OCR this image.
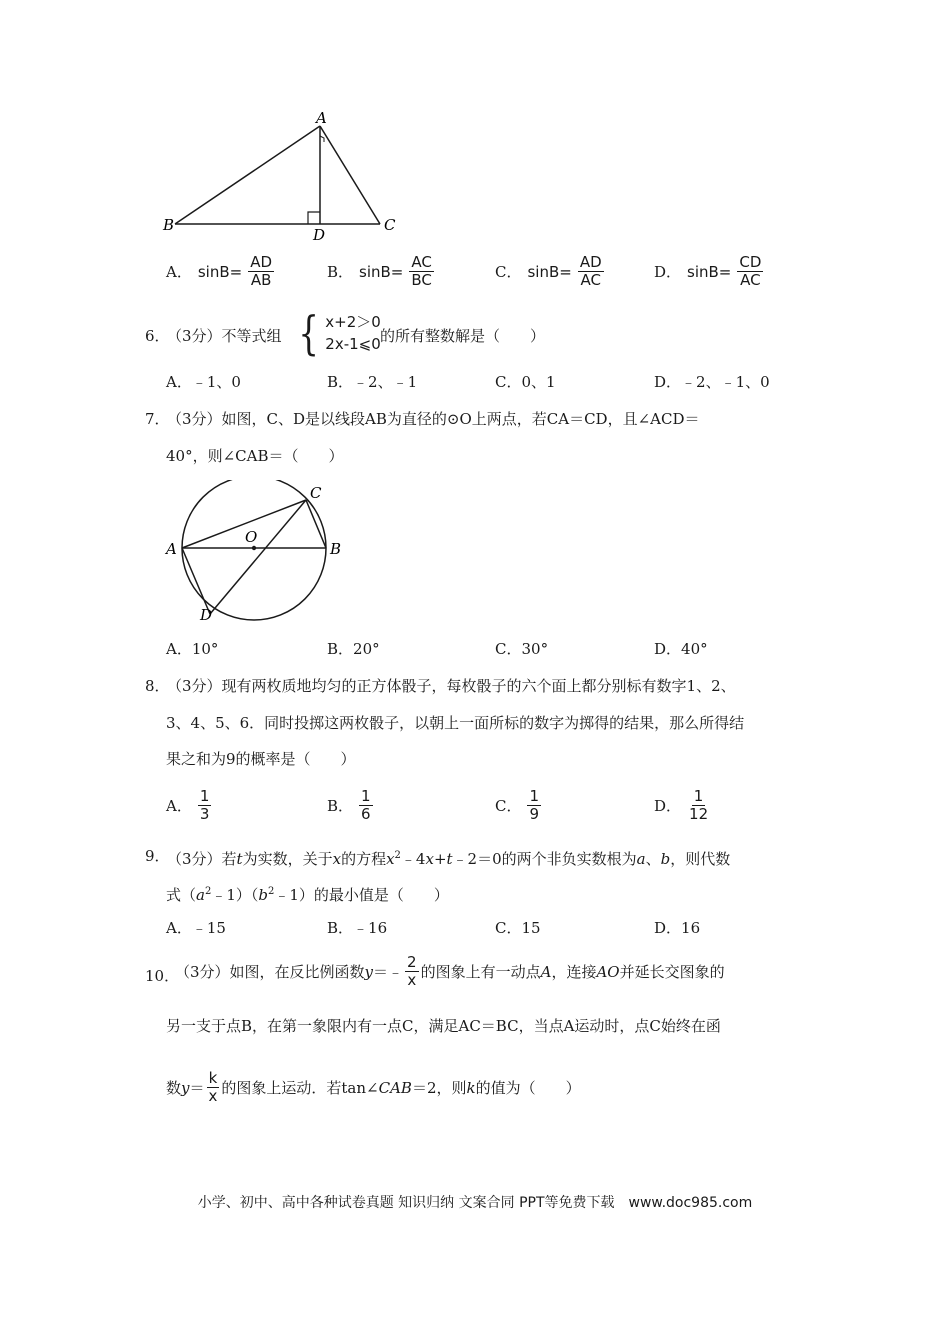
A
B	C
D
A． $\sin B= \frac{AD}{AB}$	B． $\sin B= \frac{AC}{BC}$	C． $\sin B= \frac{AD}{AC}$	D． $\sin B= \frac{CD}{AC}$
6．
（3分）不等式组 { x+2＞0
2x-1⩽0 的所有整数解是（　　）
A．﹣1、0	B．﹣2、﹣1	C．0、1	D．﹣2、﹣1、0
7．
（3分）如图，C、D是以线段AB为直径的⊙O上两点，若CA＝CD，且∠ACD＝
40°，则∠CAB＝（　　）
A	B
C
D
O
A．10°	B．20°	C．30°	D．40°
8．
（3分）现有两枚质地均匀的正方体骰子，每枚骰子的六个面上都分别标有数字1、2、
3、4、5、6．同时投掷这两枚骰子，以朝上一面所标的数字为掷得的结果，那么所得结
果之和为9的概率是（　　）
A． $\frac{1}{3}$	B． $\frac{1}{6}$	C． $\frac{1}{9}$	D． $\frac{1}{12}$
9．
（3分）若t为实数，关于x的方程$x^2﹣4x+t﹣2=0$的两个非负实数根为a、b，则代数
式$(a^2﹣1)(b^2﹣1)$的最小值是（　　）
A．﹣15	B．﹣16	C．15	D．16
10．
（3分）如图，在反比例函数 y ＝﹣ $\frac{2}{x}$ 的图象上有一动点 A ，连接 AO 并延长交图象的
另一支于点B，在第一象限内有一点C，满足AC＝BC，当点A运动时，点C始终在函
数 $y = \frac{k}{x}$ 的图象上运动．若tan∠ CAB ＝2，则 k 的值为（　　）
小学、初中、高中各种试卷真题 知识归纳 文案合同 PPT等免费下载　www.doc985.com
